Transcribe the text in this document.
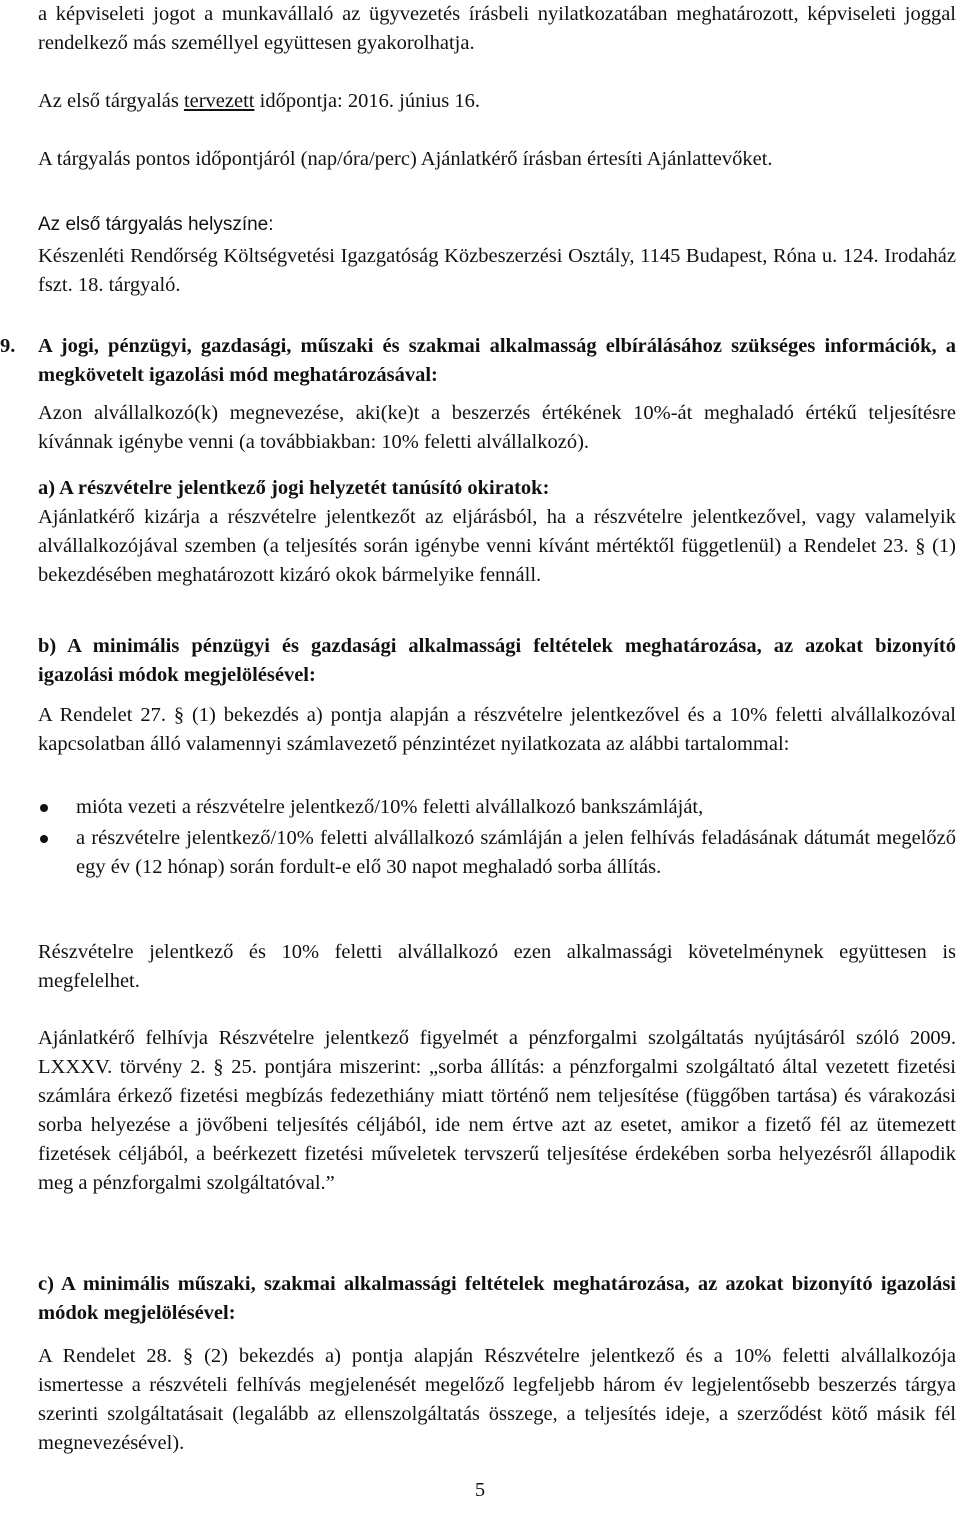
a képviseleti jogot a munkavállaló az ügyvezetés írásbeli nyilatkozatában meghatározott, képviseleti joggal rendelkező más személlyel együttesen gyakorolhatja.

Az első tárgyalás tervezett időpontja: 2016. június 16.

A tárgyalás pontos időpontjáról (nap/óra/perc) Ajánlatkérő írásban értesíti Ajánlattevőket.

Az első tárgyalás helyszíne:

Készenléti Rendőrség Költségvetési Igazgatóság Közbeszerzési Osztály, 1145 Budapest, Róna u. 124. Irodaház fszt. 18. tárgyaló.

9. A jogi, pénzügyi, gazdasági, műszaki és szakmai alkalmasság elbírálásához szükséges információk, a megkövetelt igazolási mód meghatározásával:

Azon alvállalkozó(k) megnevezése, aki(ke)t a beszerzés értékének 10%-át meghaladó értékű teljesítésre kívánnak igénybe venni (a továbbiakban: 10% feletti alvállalkozó).

a) A részvételre jelentkező jogi helyzetét tanúsító okiratok:

Ajánlatkérő kizárja a részvételre jelentkezőt az eljárásból, ha a részvételre jelentkezővel, vagy valamelyik alvállalkozójával szemben (a teljesítés során igénybe venni kívánt mértéktől függetlenül) a Rendelet 23. § (1) bekezdésében meghatározott kizáró okok bármelyike fennáll.

b) A minimális pénzügyi és gazdasági alkalmassági feltételek meghatározása, az azokat bizonyító igazolási módok megjelölésével:

A Rendelet 27. § (1) bekezdés a) pontja alapján a részvételre jelentkezővel és a 10% feletti alvállalkozóval kapcsolatban álló valamennyi számlavezető pénzintézet nyilatkozata az alábbi tartalommal:

mióta vezeti a részvételre jelentkező/10% feletti alvállalkozó bankszámláját,
a részvételre jelentkező/10% feletti alvállalkozó számláján a jelen felhívás feladásának dátumát megelőző egy év (12 hónap) során fordult-e elő 30 napot meghaladó sorba állítás.

Részvételre jelentkező és 10% feletti alvállalkozó ezen alkalmassági követelménynek együttesen is megfelelhet.

Ajánlatkérő felhívja Részvételre jelentkező figyelmét a pénzforgalmi szolgáltatás nyújtásáról szóló 2009. LXXXV. törvény 2. § 25. pontjára miszerint: „sorba állítás: a pénzforgalmi szolgáltató által vezetett fizetési számlára érkező fizetési megbízás fedezethiány miatt történő nem teljesítése (függőben tartása) és várakozási sorba helyezése a jövőbeni teljesítés céljából, ide nem értve azt az esetet, amikor a fizető fél az ütemezett fizetések céljából, a beérkezett fizetési műveletek tervszerű teljesítése érdekében sorba helyezésről állapodik meg a pénzforgalmi szolgáltatóval.”

c) A minimális műszaki, szakmai alkalmassági feltételek meghatározása, az azokat bizonyító igazolási módok megjelölésével:

A Rendelet 28. § (2) bekezdés a) pontja alapján Részvételre jelentkező és a 10% feletti alvállalkozója ismertesse a részvételi felhívás megjelenését megelőző legfeljebb három év legjelentősebb beszerzés tárgya szerinti szolgáltatásait (legalább az ellenszolgáltatás összege, a teljesítés ideje, a szerződést kötő másik fél megnevezésével).

5
